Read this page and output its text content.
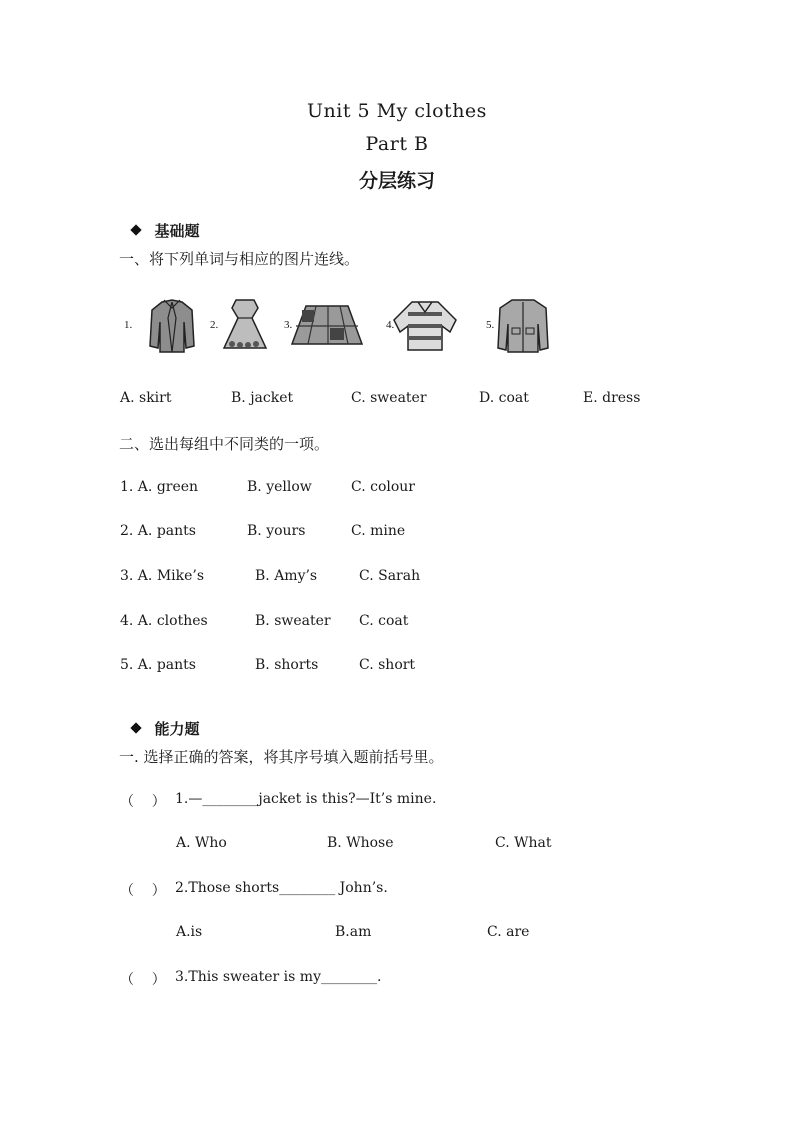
Unit 5 My clothes
Part B
分层练习

基础题

一、将下列单词与相应的图片连线。
1.	2.	3.	4.	5.
A. skirt	B. jacket	C. sweater	D. coat	E. dress
二、选出每组中不同类的一项。
1. A. green	B. yellow	C. colour
2. A. pants	B. yours	C. mine
3. A. Mike’s	B. Amy’s	C. Sarah
4. A. clothes	B. sweater C. coat
5. A. pants	B. shorts	C. short

能力题

一. 选择正确的答案，将其序号填入题前括号里。
（    ） 1.—________jacket is this?—It’s mine.
A. Who	B. Whose	C. What
（    ） 2.Those shorts________ John’s.
A.is	B.am	C. are
（    ） 3.This sweater is my________.
